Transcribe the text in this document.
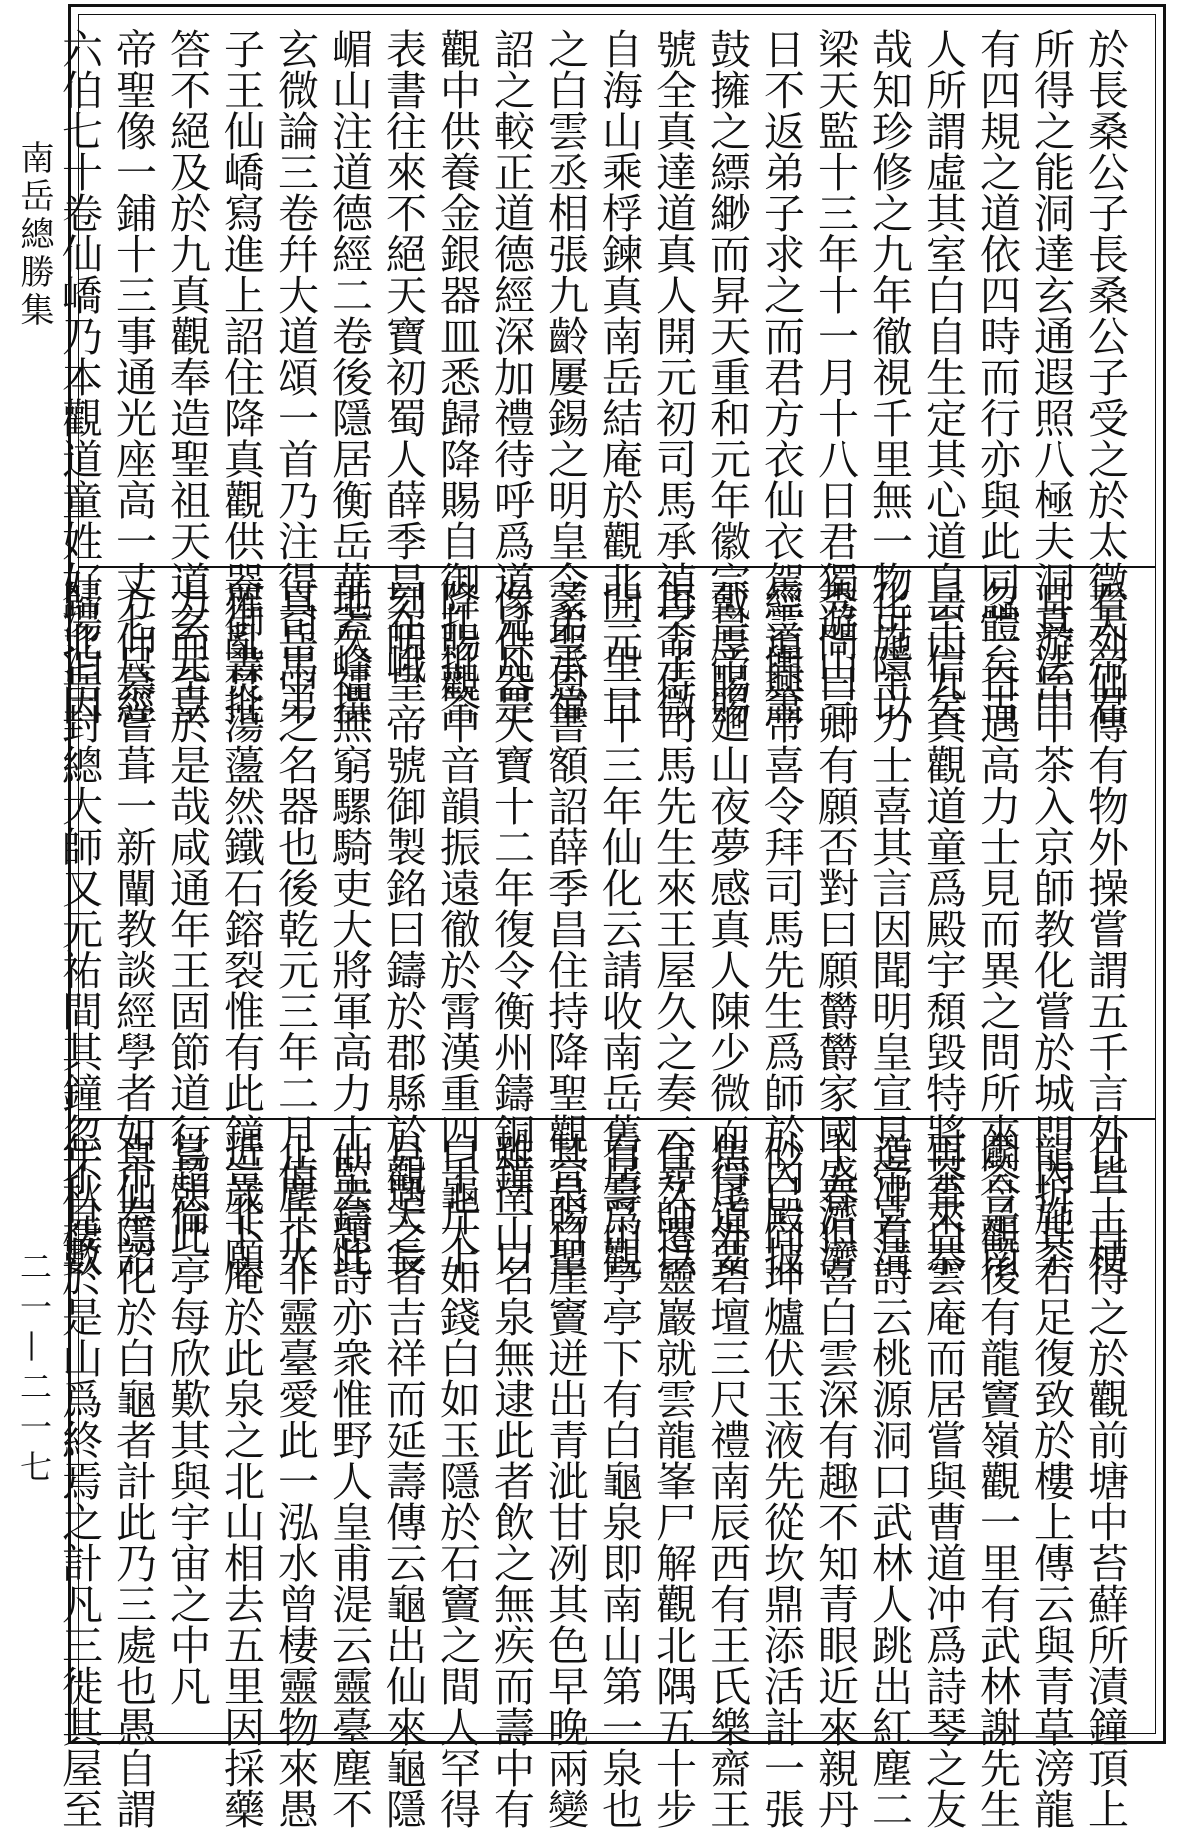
南岳總勝集
二一—二一七
於長桑公子長桑公子受之於太微天帝君
所得之能洞達玄通遐照八極夫洞真法中
有四規之道依四時而行亦與此同體矣古
人所謂虛其室白自生定其心道自至信矣
哉知珍修之九年徹視千里無一物可隱以
梁天監十三年十一月十八日君獨遊山三
日不返弟子求之而君方衣仙衣駕雲輿簫
鼓擁之縹緲而昇天重和元年徽宗皇帝賜
號全真達道真人開元初司馬承禎字子微
自海山乘桴鍊真南岳結庵於觀北一里目
之白雲丞相張九齡屢錫之明皇令弟承禕
詔之較正道德經深加禮待呼爲道兄凡是
觀中供養金銀器皿悉歸降賜自御扎批答
表書往來不絕天寶初蜀人薛季昌在峨
嵋山注道德經二卷後隱居衡岳華蓋峰撰
玄微論三卷幷大道頌一首乃注得司馬弟
子王仙嶠寫進上詔住降真觀供器御書批
答不絕及於九真觀奉造聖祖天道玄元皇
帝聖像一鋪十三事通光座高一丈七尺經
六伯七十卷仙嶠乃本觀道童姓好湯泊因
看列仙傳有物外操嘗謂五千言外皆土梗
耳游岳中茶入京師教化嘗於城門內施茶
忽一日遇高力士見而異之問所來答是南
岳山九真觀道童爲殿宇頹毀特將茶來恭
化施主力士喜其言因聞明皇宣見帝喜清
秀問曰卿有願否對曰願欝欝家國盛濟濟
經道興帝喜令拜司馬先生爲師於內殿披
戴厚賜廻山夜夢感真人陳少微而得道要
再命侍司馬先生來王屋久之奏云尋師以
開元二十三年仙化云請收南岳舊居爲觀
蒙聖恩書額詔薛季昌住持降聖觀宣賜聖
像供器天寶十二年復令衡州鑄銅鐘一口
降賜觀中音韻振遠徹於霄漢重四千斤上
刻明皇帝號御製銘曰鑄於郡縣於觀天長
地久福無窮騾騎吏大將軍高力士監鑄此
真岳中之名器也後乾元三年二月值兵火
罹亂焚蕩蘯然鐵石鎔裂惟有此鐘豈非願
力而至於是哉咸通年王固節道行超倫一
方仰慕嘗葺一新闡教談經學者如市奉詔
歸北岳封總大師又元祐間其鐘忽不見數
日一日得之於觀前塘中苔蘚所漬鐘頂上
龍折其右足復致於樓上傳云與青草滂龍
鬬今觀後有龍竇嶺觀一里有武林謝先生
再葺白雲庵而居嘗與曹道冲爲詩琴之友
道冲有詩云桃源洞口武林人跳出紅塵二
十春但喜白雲深有趣不知青眼近來親丹
砂已向坤爐伏玉液先從坎鼎添活計一張
焦尾外碧壇三尺禮南辰西有王氏樂齋王
住久遷靈巖就雲龍峯尸解觀北隅五十步
有壽山亭亭下有白龜泉即南山第一泉也
其泉自崖竇迸出青泚甘冽其色早晚兩變
雖南山名泉無逮此者飲之無疾而壽中有
白龜大如錢白如玉隱於石竇之間人罕得
見遇之者吉祥而延壽傳云龜出仙來龜隱
仙去題詩亦衆惟野人皇甫湜云靈臺塵不
止塵止非靈臺愛此一泓水曾棲靈物來愚
近歲卜庵於此泉之北山相去五里因採藥
嘗憩此亭每欣歎其與宇宙之中凡
真仙隱化於白龜者計此乃三處也愚自謂
年秋棲於是山爲終焉之計凡三徙其屋至
